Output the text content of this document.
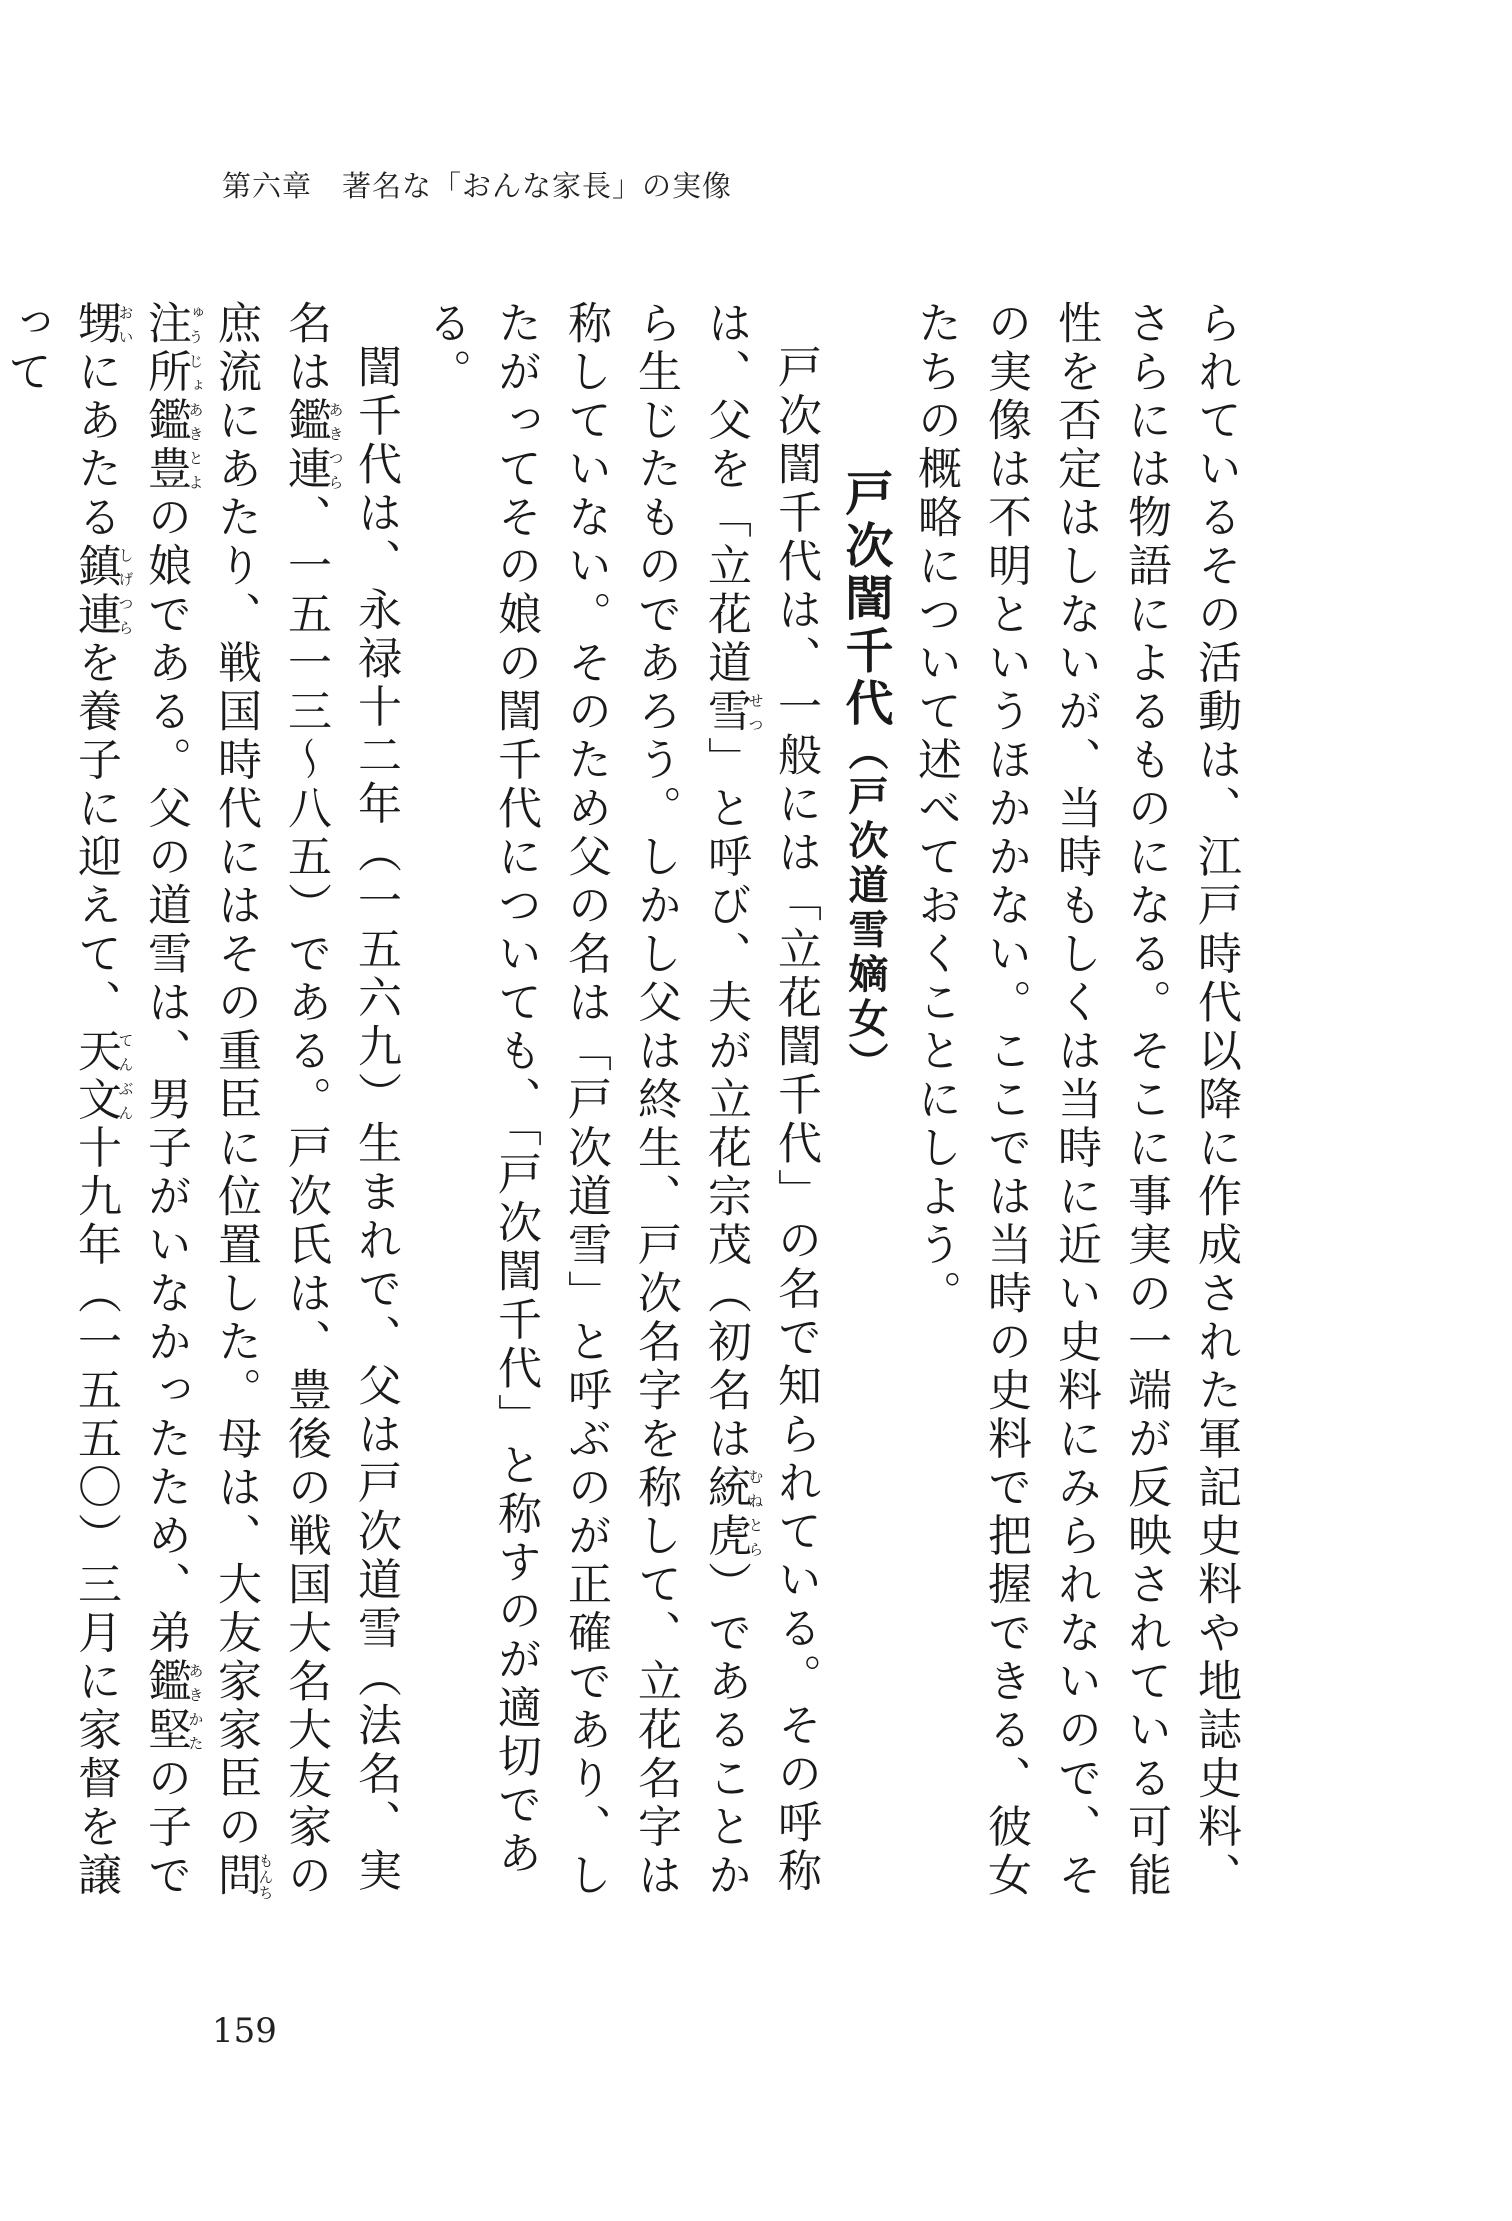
第六章　著名な「おんな家長」の実像

られているその活動は、江戸時代以降に作成された軍記史料や地誌史料、さらには物語によるものになる。そこに事実の一端が反映されている可能性を否定はしないが、当時もしくは当時に近い史料にみられないので、その実像は不明というほかかない。ここでは当時の史料で把握できる、彼女たちの概略について述べておくことにしよう。

戸次誾千代（戸次道雪嫡女）

戸次誾千代は、一般には「立花誾千代」の名で知られている。その呼称は、父を「立花道雪せつ」と呼び、夫が立花宗茂（初名は統虎むねとら）であることから生じたものであろう。しかし父は終生、戸次名字を称して、立花名字は称していない。そのため父の名は「戸次道雪」と呼ぶのが正確であり、したがってその娘の誾千代についても、「戸次誾千代」と称すのが適切である。

誾千代は、永禄十二年（一五六九）生まれで、父は戸次道雪（法名、実名は鑑連あきつら、一五一三〜八五）である。戸次氏は、豊後の戦国大名大友家の庶流にあたり、戦国時代にはその重臣に位置した。母は、大友家家臣の問注所鑑豊もんちゅうじょあきとよの娘である。父の道雪は、男子がいなかったため、弟鑑堅あきかたの子で甥おいにあたる鎮連しげつらを養子に迎えて、天文てんぶん十九年（一五五〇）三月に家督を譲って

159
